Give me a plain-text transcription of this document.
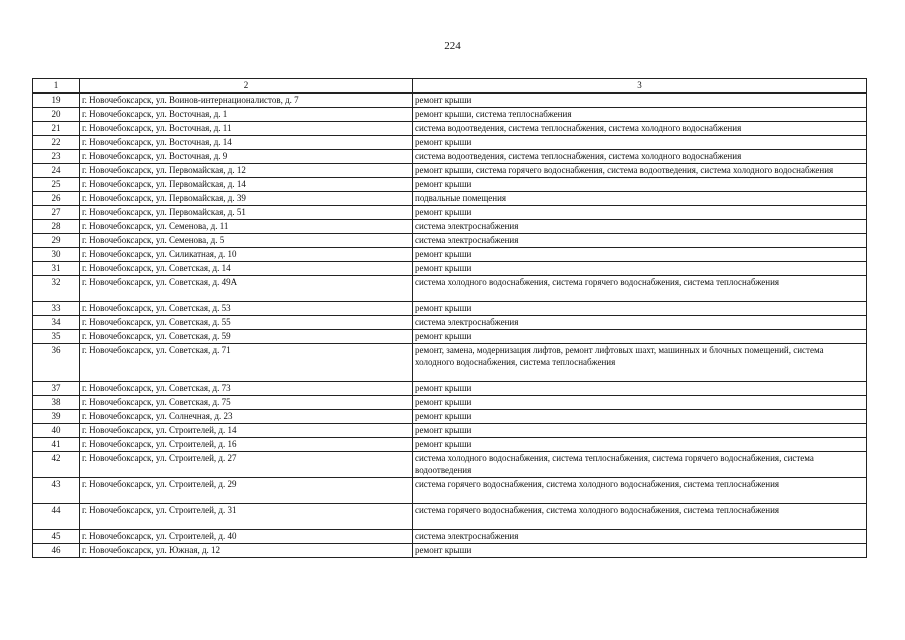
224
1	2	3
19	г. Новочебоксарск, ул. Воинов-интернационалистов, д. 7	ремонт крыши
20	г. Новочебоксарск, ул. Восточная, д. 1	ремонт крыши, система теплоснабжения
21	г. Новочебоксарск, ул. Восточная, д. 11	система водоотведения, система теплоснабжения, система холодного водоснабжения
22	г. Новочебоксарск, ул. Восточная, д. 14	ремонт крыши
23	г. Новочебоксарск, ул. Восточная, д. 9	система водоотведения, система теплоснабжения, система холодного водоснабжения
24	г. Новочебоксарск, ул. Первомайская, д. 12	ремонт крыши, система горячего водоснабжения, система водоотведения, система холодного водоснабжения
25	г. Новочебоксарск, ул. Первомайская, д. 14	ремонт крыши
26	г. Новочебоксарск, ул. Первомайская, д. 39	подвальные помещения
27	г. Новочебоксарск, ул. Первомайская, д. 51	ремонт крыши
28	г. Новочебоксарск, ул. Семенова, д. 11	система электроснабжения
29	г. Новочебоксарск, ул. Семенова, д. 5	система электроснабжения
30	г. Новочебоксарск, ул. Силикатная, д. 10	ремонт крыши
31	г. Новочебоксарск, ул. Советская, д. 14	ремонт крыши
32	г. Новочебоксарск, ул. Советская, д. 49А	система холодного водоснабжения, система горячего водоснабжения, система теплоснабжения

33	г. Новочебоксарск, ул. Советская, д. 53	ремонт крыши
34	г. Новочебоксарск, ул. Советская, д. 55	система электроснабжения
35	г. Новочебоксарск, ул. Советская, д. 59	ремонт крыши
36	г. Новочебоксарск, ул. Советская, д. 71	ремонт, замена, модернизация лифтов, ремонт лифтовых шахт, машинных и блочных помещений, система холодного водоснабжения, система теплоснабжения

37	г. Новочебоксарск, ул. Советская, д. 73	ремонт крыши
38	г. Новочебоксарск, ул. Советская, д. 75	ремонт крыши
39	г. Новочебоксарск, ул. Солнечная, д. 23	ремонт крыши
40	г. Новочебоксарск, ул. Строителей, д. 14	ремонт крыши
41	г. Новочебоксарск, ул. Строителей, д. 16	ремонт крыши
42	г. Новочебоксарск, ул. Строителей, д. 27	система холодного водоснабжения, система теплоснабжения, система горячего водоснабжения, система водоотведения
43	г. Новочебоксарск, ул. Строителей, д. 29	система горячего водоснабжения, система холодного водоснабжения, система теплоснабжения

44	г. Новочебоксарск, ул. Строителей, д. 31	система горячего водоснабжения, система холодного водоснабжения, система теплоснабжения

45	г. Новочебоксарск, ул. Строителей, д. 40	система электроснабжения
46	г. Новочебоксарск, ул. Южная, д. 12	ремонт крыши
